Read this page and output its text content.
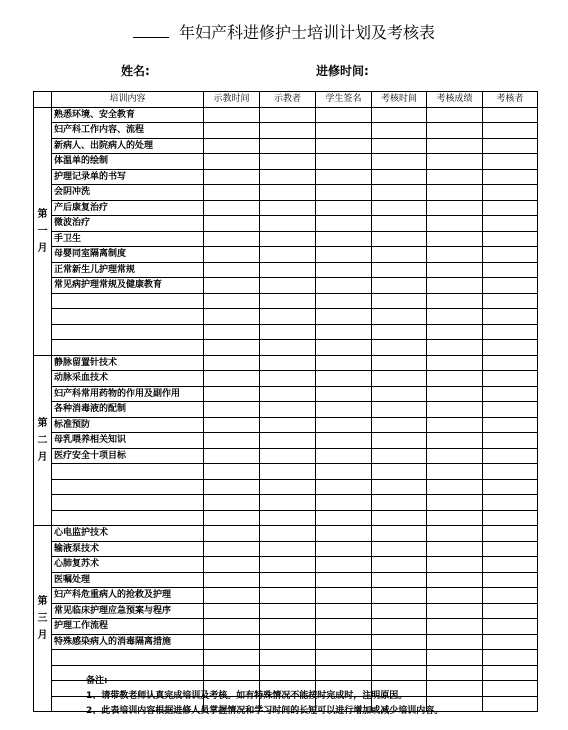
年妇产科进修护士培训计划及考核表
姓名:	进修时间:
	培训内容	示教时间	示教者	学生签名	考核时间	考核成绩	考核者
第一月	熟悉环境、安全教育						
	妇产科工作内容、流程						
	新病人、出院病人的处理						
	体温单的绘制						
	护理记录单的书写						
	会阴冲洗						
	产后康复治疗						
	微波治疗						
	手卫生						
	母婴同室隔离制度						
	正常新生儿护理常规						
	常见病护理常规及健康教育						

第二月	静脉留置针技术						
	动脉采血技术						
	妇产科常用药物的作用及副作用						
	各种消毒液的配制						
	标准预防						
	母乳喂养相关知识						
	医疗安全十项目标						

第三月	心电监护技术						
	输液泵技术						
	心肺复苏术						
	医嘱处理						
	妇产科危重病人的抢救及护理						
	常见临床护理应急预案与程序						
	护理工作流程						
	特殊感染病人的消毒隔离措施						

备注:
1、请带教老师认真完成培训及考核。如有特殊情况不能按时完成时，注明原因。
2、此表培训内容根据进修人员掌握情况和学习时间的长短可以进行增加或减少培训内容。
